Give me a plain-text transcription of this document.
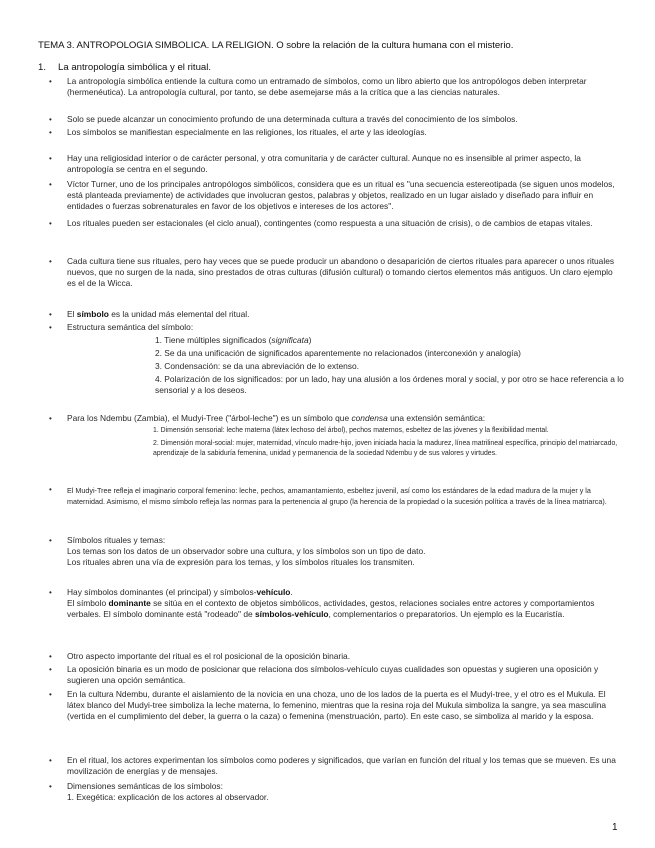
TEMA 3. ANTROPOLOGIA SIMBOLICA. LA RELIGION. O sobre la relación de la cultura humana con el misterio.
1. La antropología simbólica y el ritual.
• La antropología simbólica entiende la cultura como un entramado de símbolos, como un libro abierto que los antropólogos deben interpretar (hermenéutica). La antropología cultural, por tanto, se debe asemejarse más a la crítica que a las ciencias naturales.
• Solo se puede alcanzar un conocimiento profundo de una determinada cultura a través del conocimiento de los símbolos.
• Los símbolos se manifiestan especialmente en las religiones, los rituales, el arte y las ideologías.
• Hay una religiosidad interior o de carácter personal, y otra comunitaria y de carácter cultural. Aunque no es insensible al primer aspecto, la antropología se centra en el segundo.
• Víctor Turner, uno de los principales antropólogos simbólicos, considera que es un ritual es "una secuencia estereotipada (se siguen unos modelos, está planteada previamente) de actividades que involucran gestos, palabras y objetos, realizado en un lugar aislado y diseñado para influir en entidades o fuerzas sobrenaturales en favor de los objetivos e intereses de los actores".
• Los rituales pueden ser estacionales (el ciclo anual), contingentes (como respuesta a una situación de crisis), o de cambios de etapas vitales.
• Cada cultura tiene sus rituales, pero hay veces que se puede producir un abandono o desaparición de ciertos rituales para aparecer o unos rituales nuevos, que no surgen de la nada, sino prestados de otras culturas (difusión cultural) o tomando ciertos elementos más antiguos. Un claro ejemplo es el de la Wicca.
• El símbolo es la unidad más elemental del ritual.
• Estructura semántica del símbolo:
1. Tiene múltiples significados (significata)
2. Se da una unificación de significados aparentemente no relacionados (interconexión y analogía)
3. Condensación: se da una abreviación de lo extenso.
4. Polarización de los significados: por un lado, hay una alusión a los órdenes moral y social, y por otro se hace referencia a lo sensorial y a los deseos.
• Para los Ndembu (Zambia), el Mudyi-Tree ("árbol-leche") es un símbolo que condensa una extensión semántica:
1. Dimensión sensorial: leche materna (látex lechoso del árbol), pechos maternos, esbeltez de las jóvenes y la flexibilidad mental.
2. Dimensión moral-social: mujer, maternidad, vínculo madre-hijo, joven iniciada hacia la madurez, línea matrilineal específica, principio del matriarcado, aprendizaje de la sabiduría femenina, unidad y permanencia de la sociedad Ndembu y de sus valores y virtudes.
• El Mudyi-Tree refleja el imaginario corporal femenino: leche, pechos, amamantamiento, esbeltez juvenil, así como los estándares de la edad madura de la mujer y la maternidad. Asimismo, el mismo símbolo refleja las normas para la pertenencia al grupo (la herencia de la propiedad o la sucesión política a través de la línea matriarca).
• Símbolos rituales y temas:
Los temas son los datos de un observador sobre una cultura, y los símbolos son un tipo de dato.
Los rituales abren una vía de expresión para los temas, y los símbolos rituales los transmiten.
• Hay símbolos dominantes (el principal) y símbolos-vehículo.
El símbolo dominante se sitúa en el contexto de objetos simbólicos, actividades, gestos, relaciones sociales entre actores y comportamientos verbales. El símbolo dominante está "rodeado" de símbolos-vehículo, complementarios o preparatorios. Un ejemplo es la Eucaristía.
• Otro aspecto importante del ritual es el rol posicional de la oposición binaria.
• La oposición binaria es un modo de posicionar que relaciona dos símbolos-vehículo cuyas cualidades son opuestas y sugieren una oposición y sugieren una opción semántica.
• En la cultura Ndembu, durante el aislamiento de la novicia en una choza, uno de los lados de la puerta es el Mudyi-tree, y el otro es el Mukula. El látex blanco del Mudyi-tree simboliza la leche materna, lo femenino, mientras que la resina roja del Mukula simboliza la sangre, ya sea masculina (vertida en el cumplimiento del deber, la guerra o la caza) o femenina (menstruación, parto). En este caso, se simboliza al marido y la esposa.
• En el ritual, los actores experimentan los símbolos como poderes y significados, que varían en función del ritual y los temas que se mueven. Es una movilización de energías y de mensajes.
• Dimensiones semánticas de los símbolos:
1. Exegética: explicación de los actores al observador.
1
